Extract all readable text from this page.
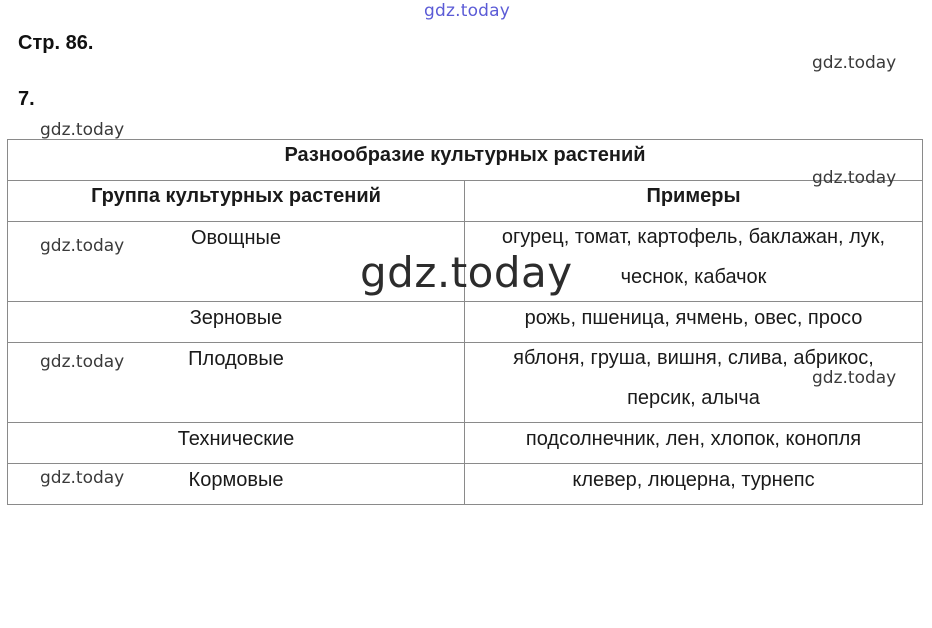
gdz.today
Стр. 86.
gdz.today
7.
gdz.today
Разнообразие культурных растений	
Группа культурных растений	Примеры

Овощные	огурец, томат, картофель, баклажан, лук, чеснок, кабачок

Зерновые	рожь, пшеница, ячмень, овес, просо

Плодовые	яблоня, груша, вишня, слива, абрикос, персик, алыча

Технические	подсолнечник, лен, хлопок, конопля

Кормовые	клевер, люцерна, турнепс
gdz.today
gdz.today
gdz.today
gdz.today
gdz.today
gdz.today
